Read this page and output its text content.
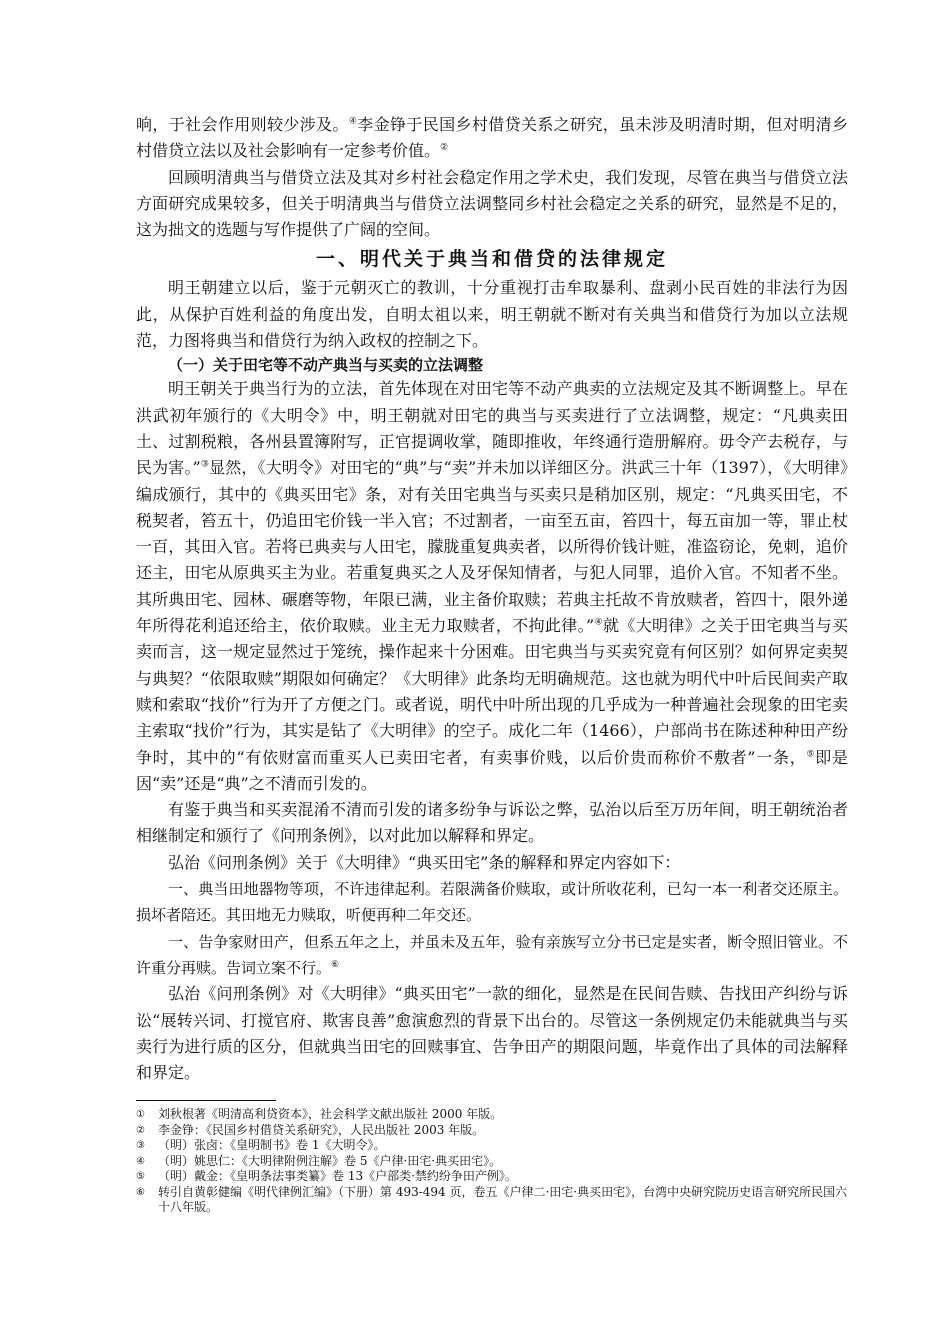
响，于社会作用则较少涉及。④李金铮于民国乡村借贷关系之研究，虽未涉及明清时期，但对明清乡村借贷立法以及社会影响有一定参考价值。②

回顾明清典当与借贷立法及其对乡村社会稳定作用之学术史，我们发现，尽管在典当与借贷立法方面研究成果较多，但关于明清典当与借贷立法调整同乡村社会稳定之关系的研究，显然是不足的，这为拙文的选题与写作提供了广阔的空间。

一、明代关于典当和借贷的法律规定

明王朝建立以后，鉴于元朝灭亡的教训，十分重视打击牟取暴利、盘剥小民百姓的非法行为因此，从保护百姓利益的角度出发，自明太祖以来，明王朝就不断对有关典当和借贷行为加以立法规范，力图将典当和借贷行为纳入政权的控制之下。

（一）关于田宅等不动产典当与买卖的立法调整

明王朝关于典当行为的立法，首先体现在对田宅等不动产典卖的立法规定及其不断调整上。早在洪武初年颁行的《大明令》中，明王朝就对田宅的典当与买卖进行了立法调整，规定：“凡典卖田土、过割税粮，各州县置簿附写，正官提调收掌，随即推收，年终通行造册解府。毋令产去税存，与民为害。”③显然，《大明令》对田宅的“典”与“卖”并未加以详细区分。洪武三十年（1397），《大明律》编成颁行，其中的《典买田宅》条，对有关田宅典当与买卖只是稍加区别，规定：“凡典买田宅，不税契者，笞五十，仍追田宅价钱一半入官；不过割者，一亩至五亩，笞四十，每五亩加一等，罪止杖一百，其田入官。若将已典卖与人田宅，朦胧重复典卖者，以所得价钱计赃，准盗窃论，免刺，追价还主，田宅从原典买主为业。若重复典买之人及牙保知情者，与犯人同罪，追价入官。不知者不坐。其所典田宅、园林、碾磨等物，年限已满，业主备价取赎；若典主托故不肯放赎者，笞四十，限外递年所得花利追还给主，依价取赎。业主无力取赎者，不拘此律。”④就《大明律》之关于田宅典当与买卖而言，这一规定显然过于笼统，操作起来十分困难。田宅典当与买卖究竟有何区别？如何界定卖契与典契？“依限取赎”期限如何确定？《大明律》此条均无明确规范。这也就为明代中叶后民间卖产取赎和索取“找价”行为开了方便之门。或者说，明代中叶所出现的几乎成为一种普遍社会现象的田宅卖主索取“找价”行为，其实是钻了《大明律》的空子。成化二年（1466），户部尚书在陈述种种田产纷争时，其中的“有依财富而重买人已卖田宅者，有卖事价贱，以后价贵而称价不敷者”一条，⑤即是因“卖”还是“典”之不清而引发的。

有鉴于典当和买卖混淆不清而引发的诸多纷争与诉讼之弊，弘治以后至万历年间，明王朝统治者相继制定和颁行了《问刑条例》，以对此加以解释和界定。

弘治《问刑条例》关于《大明律》“典买田宅”条的解释和界定内容如下：

一、典当田地器物等项，不许违律起利。若限满备价赎取，或计所收花利，已勾一本一利者交还原主。损坏者陪还。其田地无力赎取，听便再种二年交还。

一、告争家财田产，但系五年之上，并虽未及五年，验有亲族写立分书已定是实者，断令照旧管业。不许重分再赎。告词立案不行。⑥

弘治《问刑条例》对《大明律》“典买田宅”一款的细化，显然是在民间告赎、告找田产纠纷与诉讼“展转兴词、打搅官府、欺害良善”愈演愈烈的背景下出台的。尽管这一条例规定仍未能就典当与买卖行为进行质的区分，但就典当田宅的回赎事宜、告争田产的期限问题，毕竟作出了具体的司法解释和界定。

①	刘秋根著《明清高利贷资本》，社会科学文献出版社 2000 年版。
②	李金铮：《民国乡村借贷关系研究》，人民出版社 2003 年版。
③	（明）张卤：《皇明制书》卷 1《大明令》。
④	（明）姚思仁：《大明律附例注解》卷 5《户律·田宅·典买田宅》。
⑤	（明）戴金：《皇明条法事类纂》卷 13《户部类·禁约纷争田产例》。
⑥	转引自黄彰健编《明代律例汇编》（下册）第 493-494 页，卷五《户律二·田宅·典买田宅》，台湾中央研究院历史语言研究所民国六十八年版。
